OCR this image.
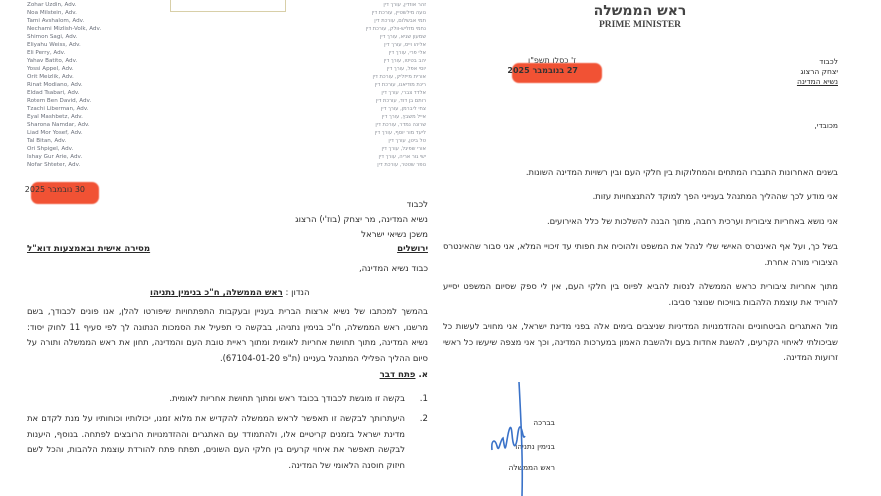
Zohar Uzdin, Adv.
Noa Milstein, Adv.
Tami Avshalom, Adv.
Nechami Mizlish-Volk, Adv.
Shimon Sagi, Adv.
Eliyahu Weiss, Adv.
Eli Perry, Adv.
Yahav Batito, Adv.
Yossi Appel, Adv.
Orit Meizlik, Adv.
Rinat Modiano, Adv.
Eldad Tsabari, Adv.
Rotem Ben David, Adv.
Tzachi Liberman, Adv.
Eyal Mashbetz, Adv.
Sharona Namdar, Adv.
Liad Mor Yosef, Adv.
Tal Bitan, Adv.
Ori Shpigel, Adv.
Ishay Gur Arie, Adv.
Nofar Shteter, Adv.
זהר אוזדין, עורך דין
נועה מילשטיין, עורכת דין
תמי אבשלום, עורכת דין
נחמי מזליש-וולק, עורכת דין
שמעון שגיא, עורך דין
אליהו וייס, עורך דין
אלי פרי, עורך דין
יהב בטיטו, עורך דין
יוסי אפל, עורך דין
אורית מייזליק, עורכת דין
רינת מודיאנו, עורכת דין
אלדד צברי, עורך דין
רותם בן דוד, עורכת דין
צחי ליברמן, עורך דין
אייל משבץ, עורך דין
שרונה נמדר, עורכת דין
ליעד מור יוסף, עורך דין
טל ביטן, עורך דין
אורי שפיגל, עורך דין
ישי גור אריה, עורך דין
נופר שטטר, עורכת דין
30 נובמבר 2025
לכבוד
נשיא המדינה, מר יצחק (בוז'י) הרצוג
משכן נשיאי ישראל
ירושלים
מסירה אישית ובאמצעות דוא"ל
כבוד נשיא המדינה,
הנדון : ראש הממשלה, ח"כ בנימין נתניהו
בהמשך למכתבו של נשיא ארצות הברית בעניין ובעקבות התפתחויות שיפורטו להלן, אנו פונים לכבודך, בשם מרשנו, ראש הממשלה, ח"כ בנימין נתניהו, בבקשה כי תפעיל את הסמכות הנתונה לך לפי סעיף 11 לחוק יסוד: נשיא המדינה, מתוך תחושת אחריות לאומית ומתוך ראיית טובת העם והמדינה, תחון את ראש הממשלה ותורה על סיום ההליך הפלילי המתנהל בעניינו (ת"פ 67104-01-20).
א. פתח דבר
1.
בקשה זו מוגשת לכבודך בכובד ראש ומתוך תחושת אחריות לאומית.
2.
היעתרותך לבקשה זו תאפשר לראש הממשלה להקדיש את מלוא זמנו, יכולותיו וכוחותיו על מנת לקדם את מדינת ישראל בזמנים קריטיים אלו, ולהתמודד עם האתגרים וההזדמנויות הרובצים לפתחה. בנוסף, היענות לבקשה תאפשר את איחוי קרעים בין חלקי העם השונים, תפתח פתח להורדת עוצמת הלהבות, והכל לשם חיזוק חוסנה הלאומי של המדינה.
ראש הממשלה
PRIME MINISTER
ז' כסלו תשפ"ו
27 בנובמבר 2025
לכבוד
יצחק הרצוג
נשיא המדינה
מכובדי,
בשנים האחרונות התגברו המתחים והמחלוקות בין חלקי העם ובין רשויות המדינה השונות.
אני מודע לכך שההליך המתנהל בענייני הפך למוקד להתנצחויות עזות.
אני נושא באחריות ציבורית וערכית רחבה, מתוך הבנה להשלכות של כלל האירועים.
בשל כך, ועל אף האינטרס האישי שלי לנהל את המשפט ולהוכיח את חפותי עד זיכויי המלא, אני סבור שהאינטרס הציבורי מורה אחרת.
מתוך אחריות ציבורית כראש הממשלה לנסות להביא לפיוס בין חלקי העם, אין לי ספק שסיום המשפט יסייע להוריד את עוצמת הלהבות בוויכוח שנוצר סביבו.
מול האתגרים הביטחוניים וההזדמנויות המדיניות שניצבים בימים אלה בפני מדינת ישראל, אני מחויב לעשות כל שביכולתי לאיחוי הקרעים, להשגת אחדות בעם ולהשבת האמון במערכות המדינה, וכך אני מצפה שיעשו כל ראשי זרועות המדינה.
בברכה
בנימין נתניהו
ראש הממשלה
